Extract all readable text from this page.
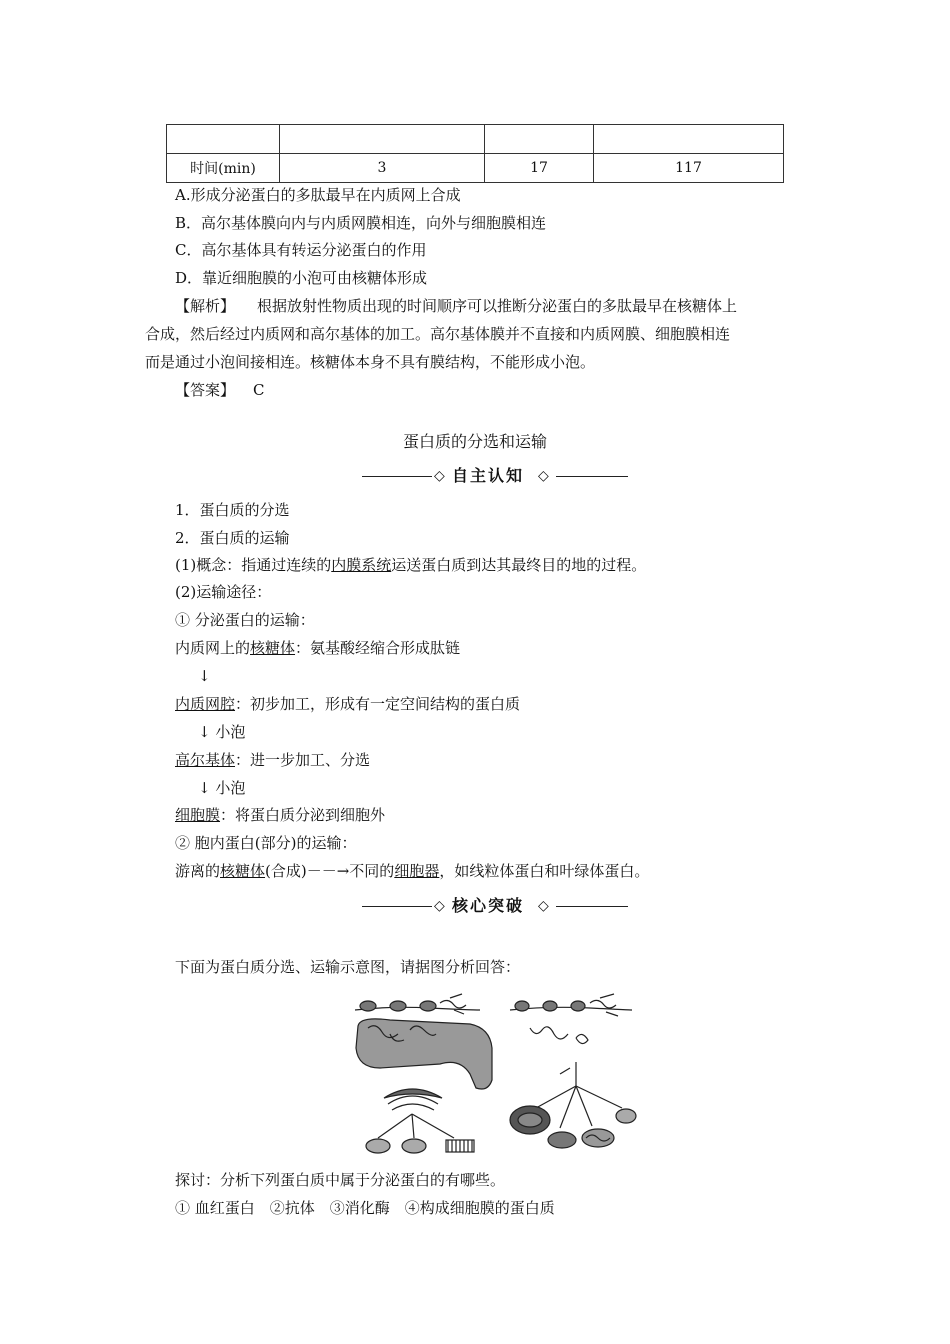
时间(min)	3	17	117
A.形成分泌蛋白的多肽最早在内质网上合成
B．高尔基体膜向内与内质网膜相连，向外与细胞膜相连
C．高尔基体具有转运分泌蛋白的作用
D．靠近细胞膜的小泡可由核糖体形成
【解析】 根据放射性物质出现的时间顺序可以推断分泌蛋白的多肽最早在核糖体上
合成，然后经过内质网和高尔基体的加工。高尔基体膜并不直接和内质网膜、细胞膜相连
而是通过小泡间接相连。核糖体本身不具有膜结构，不能形成小泡。
【答案】 C
蛋白质的分选和运输
◇ 自主认知 ◇
1．蛋白质的分选
2．蛋白质的运输
(1)概念：指通过连续的内膜系统运送蛋白质到达其最终目的地的过程。
(2)运输途径：
① 分泌蛋白的运输：
内质网上的核糖体：氨基酸经缩合形成肽链
↓
内质网腔：初步加工，形成有一定空间结构的蛋白质
↓ 小泡
高尔基体：进一步加工、分选
↓ 小泡
细胞膜：将蛋白质分泌到细胞外
② 胞内蛋白(部分)的运输：
游离的核糖体(合成)－－→不同的细胞器，如线粒体蛋白和叶绿体蛋白。
◇ 核心突破 ◇
下面为蛋白质分选、运输示意图，请据图分析回答：
探讨：分析下列蛋白质中属于分泌蛋白的有哪些。
① 血红蛋白　②抗体　③消化酶　④构成细胞膜的蛋白质
